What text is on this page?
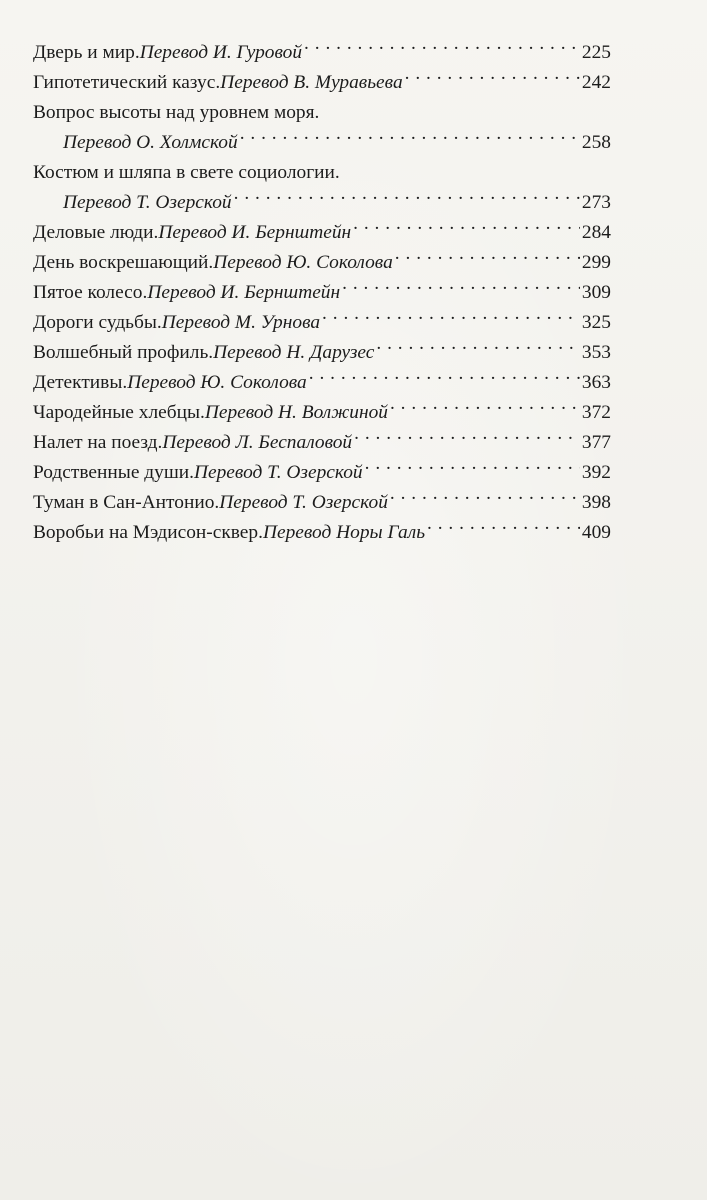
Дверь и мир. Перевод И. Гуровой . . .	225
Гипотетический казус. Перевод В. Муравьева . . .	242
Вопрос высоты над уровнем моря.
Перевод О. Холмской . . .	258
Костюм и шляпа в свете социологии.
Перевод Т. Озерской . . .	273
Деловые люди. Перевод И. Бернштейн . . .	284
День воскрешающий. Перевод Ю. Соколова . . .	299
Пятое колесо. Перевод И. Бернштейн . . .	309
Дороги судьбы. Перевод М. Урнова . . .	325
Волшебный профиль. Перевод Н. Дарузес . . .	353
Детективы. Перевод Ю. Соколова . . .	363
Чародейные хлебцы. Перевод Н. Волжиной . . .	372
Налет на поезд. Перевод Л. Беспаловой . . .	377
Родственные души. Перевод Т. Озерской . . .	392
Туман в Сан-Антонио. Перевод Т. Озерской . . .	398
Воробьи на Мэдисон-сквер. Перевод Норы Галь . . .	409
